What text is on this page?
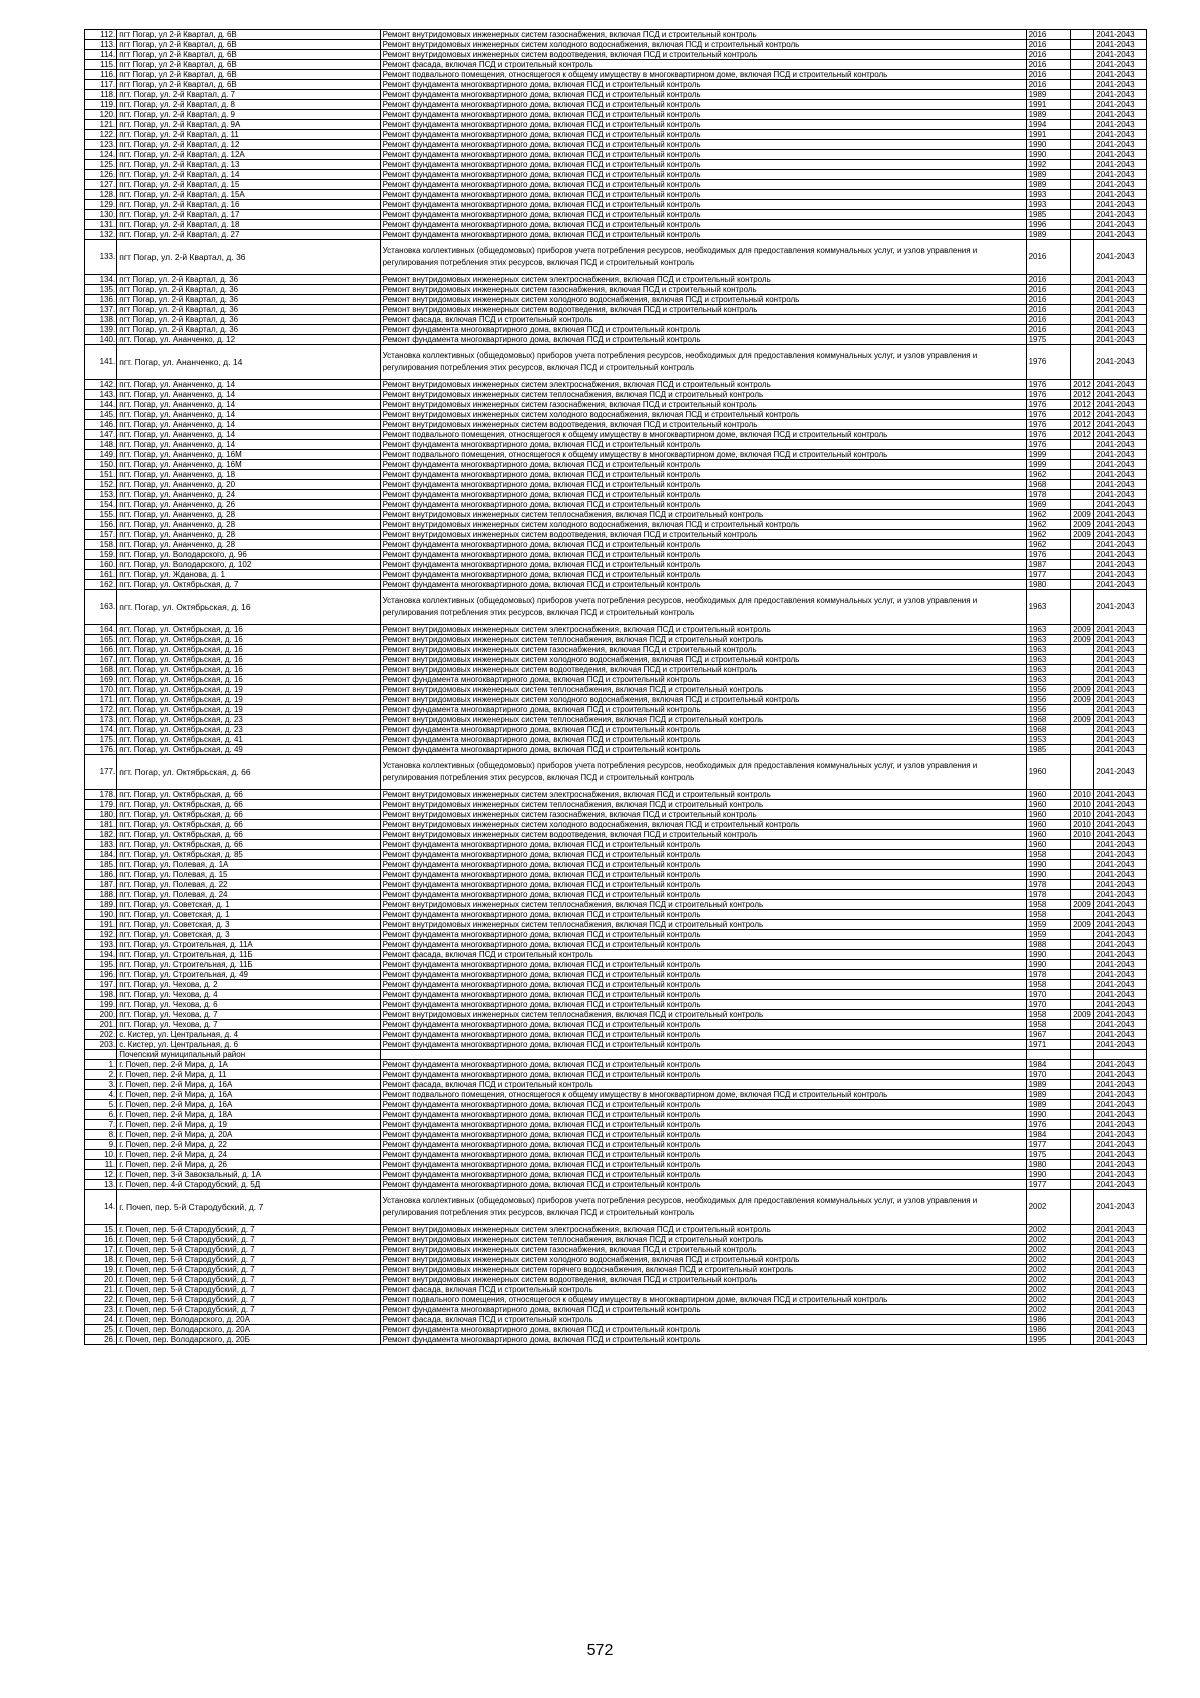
112.	пгт Погар, ул 2-й Квартал, д. 6В	Ремонт внутридомовых инженерных систем газоснабжения, включая ПСД и строительный контроль	2016		2041-2043
113.	пгт Погар, ул 2-й Квартал, д. 6В	Ремонт внутридомовых инженерных систем холодного водоснабжения, включая ПСД и строительный контроль	2016		2041-2043
114.	пгт Погар, ул 2-й Квартал, д. 6В	Ремонт внутридомовых инженерных систем водоотведения, включая ПСД и строительный контроль	2016		2041-2043
115.	пгт Погар, ул 2-й Квартал, д. 6В	Ремонт фасада, включая ПСД и строительный контроль	2016		2041-2043
116.	пгт Погар, ул 2-й Квартал, д. 6В	Ремонт подвального помещения, относящегося к общему имуществу в многоквартирном доме, включая ПСД и строительный контроль	2016		2041-2043
117.	пгт Погар, ул 2-й Квартал, д. 6В	Ремонт фундамента многоквартирного дома, включая ПСД и строительный контроль	2016		2041-2043
118.	пгт. Погар, ул. 2-й Квартал, д. 7	Ремонт фундамента многоквартирного дома, включая ПСД и строительный контроль	1989		2041-2043
119.	пгт. Погар, ул. 2-й Квартал, д. 8	Ремонт фундамента многоквартирного дома, включая ПСД и строительный контроль	1991		2041-2043
120.	пгт. Погар, ул. 2-й Квартал, д. 9	Ремонт фундамента многоквартирного дома, включая ПСД и строительный контроль	1989		2041-2043
121.	пгт. Погар, ул. 2-й Квартал, д. 9А	Ремонт фундамента многоквартирного дома, включая ПСД и строительный контроль	1994		2041-2043
122.	пгт. Погар, ул. 2-й Квартал, д. 11	Ремонт фундамента многоквартирного дома, включая ПСД и строительный контроль	1991		2041-2043
123.	пгт. Погар, ул. 2-й Квартал, д. 12	Ремонт фундамента многоквартирного дома, включая ПСД и строительный контроль	1990		2041-2043
124.	пгт. Погар, ул. 2-й Квартал, д. 12А	Ремонт фундамента многоквартирного дома, включая ПСД и строительный контроль	1990		2041-2043
125.	пгт. Погар, ул. 2-й Квартал, д. 13	Ремонт фундамента многоквартирного дома, включая ПСД и строительный контроль	1992		2041-2043
126.	пгт. Погар, ул. 2-й Квартал, д. 14	Ремонт фундамента многоквартирного дома, включая ПСД и строительный контроль	1989		2041-2043
127.	пгт. Погар, ул. 2-й Квартал, д. 15	Ремонт фундамента многоквартирного дома, включая ПСД и строительный контроль	1989		2041-2043
128.	пгт. Погар, ул. 2-й Квартал, д. 15А	Ремонт фундамента многоквартирного дома, включая ПСД и строительный контроль	1993		2041-2043
129.	пгт. Погар, ул. 2-й Квартал, д. 16	Ремонт фундамента многоквартирного дома, включая ПСД и строительный контроль	1993		2041-2043
130.	пгт. Погар, ул. 2-й Квартал, д. 17	Ремонт фундамента многоквартирного дома, включая ПСД и строительный контроль	1985		2041-2043
131.	пгт. Погар, ул. 2-й Квартал, д. 18	Ремонт фундамента многоквартирного дома, включая ПСД и строительный контроль	1996		2041-2043
132.	пгт. Погар, ул. 2-й Квартал, д. 27	Ремонт фундамента многоквартирного дома, включая ПСД и строительный контроль	1989		2041-2043
133.	пгт Погар, ул. 2-й Квартал, д. 36	Установка коллективных (общедомовых) приборов учета потребления ресурсов, необходимых для предоставления коммунальных услуг, и узлов управления и регулирования потребления этих ресурсов, включая ПСД и строительный контроль	2016		2041-2043
134.	пгт Погар, ул. 2-й Квартал, д. 36	Ремонт внутридомовых инженерных систем электроснабжения, включая ПСД и строительный контроль	2016		2041-2043
135.	пгт Погар, ул. 2-й Квартал, д. 36	Ремонт внутридомовых инженерных систем газоснабжения, включая ПСД и строительный контроль	2016		2041-2043
136.	пгт Погар, ул. 2-й Квартал, д. 36	Ремонт внутридомовых инженерных систем холодного водоснабжения, включая ПСД и строительный контроль	2016		2041-2043
137.	пгт Погар, ул. 2-й Квартал, д. 36	Ремонт внутридомовых инженерных систем водоотведения, включая ПСД и строительный контроль	2016		2041-2043
138.	пгт Погар, ул. 2-й Квартал, д. 36	Ремонт фасада, включая ПСД и строительный контроль	2016		2041-2043
139.	пгт Погар, ул. 2-й Квартал, д. 36	Ремонт фундамента многоквартирного дома, включая ПСД и строительный контроль	2016		2041-2043
140.	пгт. Погар, ул. Ананченко, д. 12	Ремонт фундамента многоквартирного дома, включая ПСД и строительный контроль	1975		2041-2043
141.	пгт. Погар, ул. Ананченко, д. 14	Установка коллективных (общедомовых) приборов учета потребления ресурсов, необходимых для предоставления коммунальных услуг, и узлов управления и регулирования потребления этих ресурсов, включая ПСД и строительный контроль	1976		2041-2043
142.	пгт. Погар, ул. Ананченко, д. 14	Ремонт внутридомовых инженерных систем электроснабжения, включая ПСД и строительный контроль	1976	2012	2041-2043
143.	пгт. Погар, ул. Ананченко, д. 14	Ремонт внутридомовых инженерных систем теплоснабжения, включая ПСД и строительный контроль	1976	2012	2041-2043
144.	пгт. Погар, ул. Ананченко, д. 14	Ремонт внутридомовых инженерных систем газоснабжения, включая ПСД и строительный контроль	1976	2012	2041-2043
145.	пгт. Погар, ул. Ананченко, д. 14	Ремонт внутридомовых инженерных систем холодного водоснабжения, включая ПСД и строительный контроль	1976	2012	2041-2043
146.	пгт. Погар, ул. Ананченко, д. 14	Ремонт внутридомовых инженерных систем водоотведения, включая ПСД и строительный контроль	1976	2012	2041-2043
147.	пгт. Погар, ул. Ананченко, д. 14	Ремонт подвального помещения, относящегося к общему имуществу в многоквартирном доме, включая ПСД и строительный контроль	1976	2012	2041-2043
148.	пгт. Погар, ул. Ананченко, д. 14	Ремонт фундамента многоквартирного дома, включая ПСД и строительный контроль	1976		2041-2043
149.	пгт. Погар, ул. Ананченко, д. 16М	Ремонт подвального помещения, относящегося к общему имуществу в многоквартирном доме, включая ПСД и строительный контроль	1999		2041-2043
150.	пгт. Погар, ул. Ананченко, д. 16М	Ремонт фундамента многоквартирного дома, включая ПСД и строительный контроль	1999		2041-2043
151.	пгт. Погар, ул. Ананченко, д. 18	Ремонт фундамента многоквартирного дома, включая ПСД и строительный контроль	1962		2041-2043
152.	пгт. Погар, ул. Ананченко, д. 20	Ремонт фундамента многоквартирного дома, включая ПСД и строительный контроль	1968		2041-2043
153.	пгт. Погар, ул. Ананченко, д. 24	Ремонт фундамента многоквартирного дома, включая ПСД и строительный контроль	1978		2041-2043
154.	пгт. Погар, ул. Ананченко, д. 26	Ремонт фундамента многоквартирного дома, включая ПСД и строительный контроль	1969		2041-2043
155.	пгт. Погар, ул. Ананченко, д. 28	Ремонт внутридомовых инженерных систем теплоснабжения, включая ПСД и строительный контроль	1962	2009	2041-2043
156.	пгт. Погар, ул. Ананченко, д. 28	Ремонт внутридомовых инженерных систем холодного водоснабжения, включая ПСД и строительный контроль	1962	2009	2041-2043
157.	пгт. Погар, ул. Ананченко, д. 28	Ремонт внутридомовых инженерных систем водоотведения, включая ПСД и строительный контроль	1962	2009	2041-2043
158.	пгт. Погар, ул. Ананченко, д. 28	Ремонт фундамента многоквартирного дома, включая ПСД и строительный контроль	1962		2041-2043
159.	пгт. Погар, ул. Володарского, д. 96	Ремонт фундамента многоквартирного дома, включая ПСД и строительный контроль	1976		2041-2043
160.	пгт. Погар, ул. Володарского, д. 102	Ремонт фундамента многоквартирного дома, включая ПСД и строительный контроль	1987		2041-2043
161.	пгт. Погар, ул. Жданова, д. 1	Ремонт фундамента многоквартирного дома, включая ПСД и строительный контроль	1977		2041-2043
162.	пгт. Погар, ул. Октябрьская, д. 7	Ремонт фундамента многоквартирного дома, включая ПСД и строительный контроль	1980		2041-2043
163.	пгт. Погар, ул. Октябрьская, д. 16	Установка коллективных (общедомовых) приборов учета потребления ресурсов, необходимых для предоставления коммунальных услуг, и узлов управления и регулирования потребления этих ресурсов, включая ПСД и строительный контроль	1963		2041-2043
164.	пгт. Погар, ул. Октябрьская, д. 16	Ремонт внутридомовых инженерных систем электроснабжения, включая ПСД и строительный контроль	1963	2009	2041-2043
165.	пгт. Погар, ул. Октябрьская, д. 16	Ремонт внутридомовых инженерных систем теплоснабжения, включая ПСД и строительный контроль	1963	2009	2041-2043
166.	пгт. Погар, ул. Октябрьская, д. 16	Ремонт внутридомовых инженерных систем газоснабжения, включая ПСД и строительный контроль	1963		2041-2043
167.	пгт. Погар, ул. Октябрьская, д. 16	Ремонт внутридомовых инженерных систем холодного водоснабжения, включая ПСД и строительный контроль	1963		2041-2043
168.	пгт. Погар, ул. Октябрьская, д. 16	Ремонт внутридомовых инженерных систем водоотведения, включая ПСД и строительный контроль	1963		2041-2043
169.	пгт. Погар, ул. Октябрьская, д. 16	Ремонт фундамента многоквартирного дома, включая ПСД и строительный контроль	1963		2041-2043
170.	пгт. Погар, ул. Октябрьская, д. 19	Ремонт внутридомовых инженерных систем теплоснабжения, включая ПСД и строительный контроль	1956	2009	2041-2043
171.	пгт. Погар, ул. Октябрьская, д. 19	Ремонт внутридомовых инженерных систем холодного водоснабжения, включая ПСД и строительный контроль	1956	2009	2041-2043
172.	пгт. Погар, ул. Октябрьская, д. 19	Ремонт фундамента многоквартирного дома, включая ПСД и строительный контроль	1956		2041-2043
173.	пгт. Погар, ул. Октябрьская, д. 23	Ремонт внутридомовых инженерных систем теплоснабжения, включая ПСД и строительный контроль	1968	2009	2041-2043
174.	пгт. Погар, ул. Октябрьская, д. 23	Ремонт фундамента многоквартирного дома, включая ПСД и строительный контроль	1968		2041-2043
175.	пгт. Погар, ул. Октябрьская, д. 41	Ремонт фундамента многоквартирного дома, включая ПСД и строительный контроль	1953		2041-2043
176.	пгт. Погар, ул. Октябрьская, д. 49	Ремонт фундамента многоквартирного дома, включая ПСД и строительный контроль	1985		2041-2043
177.	пгт. Погар, ул. Октябрьская, д. 66	Установка коллективных (общедомовых) приборов учета потребления ресурсов, необходимых для предоставления коммунальных услуг, и узлов управления и регулирования потребления этих ресурсов, включая ПСД и строительный контроль	1960		2041-2043
178.	пгт. Погар, ул. Октябрьская, д. 66	Ремонт внутридомовых инженерных систем электроснабжения, включая ПСД и строительный контроль	1960	2010	2041-2043
179.	пгт. Погар, ул. Октябрьская, д. 66	Ремонт внутридомовых инженерных систем теплоснабжения, включая ПСД и строительный контроль	1960	2010	2041-2043
180.	пгт. Погар, ул. Октябрьская, д. 66	Ремонт внутридомовых инженерных систем газоснабжения, включая ПСД и строительный контроль	1960	2010	2041-2043
181.	пгт. Погар, ул. Октябрьская, д. 66	Ремонт внутридомовых инженерных систем холодного водоснабжения, включая ПСД и строительный контроль	1960	2010	2041-2043
182.	пгт. Погар, ул. Октябрьская, д. 66	Ремонт внутридомовых инженерных систем водоотведения, включая ПСД и строительный контроль	1960	2010	2041-2043
183.	пгт. Погар, ул. Октябрьская, д. 66	Ремонт фундамента многоквартирного дома, включая ПСД и строительный контроль	1960		2041-2043
184.	пгт. Погар, ул. Октябрьская, д. 85	Ремонт фундамента многоквартирного дома, включая ПСД и строительный контроль	1958		2041-2043
185.	пгт. Погар, ул. Полевая, д. 1А	Ремонт фундамента многоквартирного дома, включая ПСД и строительный контроль	1990		2041-2043
186.	пгт. Погар, ул. Полевая, д. 15	Ремонт фундамента многоквартирного дома, включая ПСД и строительный контроль	1990		2041-2043
187.	пгт. Погар, ул. Полевая, д. 22	Ремонт фундамента многоквартирного дома, включая ПСД и строительный контроль	1978		2041-2043
188.	пгт. Погар, ул. Полевая, д. 24	Ремонт фундамента многоквартирного дома, включая ПСД и строительный контроль	1978		2041-2043
189.	пгт. Погар, ул. Советская, д. 1	Ремонт внутридомовых инженерных систем теплоснабжения, включая ПСД и строительный контроль	1958	2009	2041-2043
190.	пгт. Погар, ул. Советская, д. 1	Ремонт фундамента многоквартирного дома, включая ПСД и строительный контроль	1958		2041-2043
191.	пгт. Погар, ул. Советская, д. 3	Ремонт внутридомовых инженерных систем теплоснабжения, включая ПСД и строительный контроль	1959	2009	2041-2043
192.	пгт. Погар, ул. Советская, д. 3	Ремонт фундамента многоквартирного дома, включая ПСД и строительный контроль	1959		2041-2043
193.	пгт. Погар, ул. Строительная, д. 11А	Ремонт фундамента многоквартирного дома, включая ПСД и строительный контроль	1988		2041-2043
194.	пгт. Погар, ул. Строительная, д. 11Б	Ремонт фасада, включая ПСД и строительный контроль	1990		2041-2043
195.	пгт. Погар, ул. Строительная, д. 11Б	Ремонт фундамента многоквартирного дома, включая ПСД и строительный контроль	1990		2041-2043
196.	пгт. Погар, ул. Строительная, д. 49	Ремонт фундамента многоквартирного дома, включая ПСД и строительный контроль	1978		2041-2043
197.	пгт. Погар, ул. Чехова, д. 2	Ремонт фундамента многоквартирного дома, включая ПСД и строительный контроль	1958		2041-2043
198.	пгт. Погар, ул. Чехова, д. 4	Ремонт фундамента многоквартирного дома, включая ПСД и строительный контроль	1970		2041-2043
199.	пгт. Погар, ул. Чехова, д. 6	Ремонт фундамента многоквартирного дома, включая ПСД и строительный контроль	1970		2041-2043
200.	пгт. Погар, ул. Чехова, д. 7	Ремонт внутридомовых инженерных систем теплоснабжения, включая ПСД и строительный контроль	1958	2009	2041-2043
201.	пгт. Погар, ул. Чехова, д. 7	Ремонт фундамента многоквартирного дома, включая ПСД и строительный контроль	1958		2041-2043
202.	с. Кистер, ул. Центральная, д. 4	Ремонт фундамента многоквартирного дома, включая ПСД и строительный контроль	1967		2041-2043
203.	с. Кистер, ул. Центральная, д. 6	Ремонт фундамента многоквартирного дома, включая ПСД и строительный контроль	1971		2041-2043
	Почепский муниципальный район				
1.	г. Почеп, пер. 2-й Мира, д. 1А	Ремонт фундамента многоквартирного дома, включая ПСД и строительный контроль	1984		2041-2043
2.	г. Почеп, пер. 2-й Мира, д. 11	Ремонт фундамента многоквартирного дома, включая ПСД и строительный контроль	1970		2041-2043
3.	г. Почеп, пер. 2-й Мира, д. 16А	Ремонт фасада, включая ПСД и строительный контроль	1989		2041-2043
4.	г. Почеп, пер. 2-й Мира, д. 16А	Ремонт подвального помещения, относящегося к общему имуществу в многоквартирном доме, включая ПСД и строительный контроль	1989		2041-2043
5.	г. Почеп, пер. 2-й Мира, д. 16А	Ремонт фундамента многоквартирного дома, включая ПСД и строительный контроль	1989		2041-2043
6.	г. Почеп, пер. 2-й Мира, д. 18А	Ремонт фундамента многоквартирного дома, включая ПСД и строительный контроль	1990		2041-2043
7.	г. Почеп, пер. 2-й Мира, д. 19	Ремонт фундамента многоквартирного дома, включая ПСД и строительный контроль	1976		2041-2043
8.	г. Почеп, пер. 2-й Мира, д. 20А	Ремонт фундамента многоквартирного дома, включая ПСД и строительный контроль	1984		2041-2043
9.	г. Почеп, пер. 2-й Мира, д. 22	Ремонт фундамента многоквартирного дома, включая ПСД и строительный контроль	1977		2041-2043
10.	г. Почеп, пер. 2-й Мира, д. 24	Ремонт фундамента многоквартирного дома, включая ПСД и строительный контроль	1975		2041-2043
11.	г. Почеп, пер. 2-й Мира, д. 26	Ремонт фундамента многоквартирного дома, включая ПСД и строительный контроль	1980		2041-2043
12.	г. Почеп, пер. 3-й Завокзальный, д. 1А	Ремонт фундамента многоквартирного дома, включая ПСД и строительный контроль	1990		2041-2043
13.	г. Почеп, пер. 4-й Стародубский, д. 5Д	Ремонт фундамента многоквартирного дома, включая ПСД и строительный контроль	1977		2041-2043
14.	г. Почеп, пер. 5-й Стародубский, д. 7	Установка коллективных (общедомовых) приборов учета потребления ресурсов, необходимых для предоставления коммунальных услуг, и узлов управления и регулирования потребления этих ресурсов, включая ПСД и строительный контроль	2002		2041-2043
15.	г. Почеп, пер. 5-й Стародубский, д. 7	Ремонт внутридомовых инженерных систем электроснабжения, включая ПСД и строительный контроль	2002		2041-2043
16.	г. Почеп, пер. 5-й Стародубский, д. 7	Ремонт внутридомовых инженерных систем теплоснабжения, включая ПСД и строительный контроль	2002		2041-2043
17.	г. Почеп, пер. 5-й Стародубский, д. 7	Ремонт внутридомовых инженерных систем газоснабжения, включая ПСД и строительный контроль	2002		2041-2043
18.	г. Почеп, пер. 5-й Стародубский, д. 7	Ремонт внутридомовых инженерных систем холодного водоснабжения, включая ПСД и строительный контроль	2002		2041-2043
19.	г. Почеп, пер. 5-й Стародубский, д. 7	Ремонт внутридомовых инженерных систем горячего водоснабжения, включая ПСД и строительный контроль	2002		2041-2043
20.	г. Почеп, пер. 5-й Стародубский, д. 7	Ремонт внутридомовых инженерных систем водоотведения, включая ПСД и строительный контроль	2002		2041-2043
21.	г. Почеп, пер. 5-й Стародубский, д. 7	Ремонт фасада, включая ПСД и строительный контроль	2002		2041-2043
22.	г. Почеп, пер. 5-й Стародубский, д. 7	Ремонт подвального помещения, относящегося к общему имуществу в многоквартирном доме, включая ПСД и строительный контроль	2002		2041-2043
23.	г. Почеп, пер. 5-й Стародубский, д. 7	Ремонт фундамента многоквартирного дома, включая ПСД и строительный контроль	2002		2041-2043
24.	г. Почеп, пер. Володарского, д. 20А	Ремонт фасада, включая ПСД и строительный контроль	1986		2041-2043
25.	г. Почеп, пер. Володарского, д. 20А	Ремонт фундамента многоквартирного дома, включая ПСД и строительный контроль	1986		2041-2043
26.	г. Почеп, пер. Володарского, д. 20Б	Ремонт фундамента многоквартирного дома, включая ПСД и строительный контроль	1995		2041-2043
572
